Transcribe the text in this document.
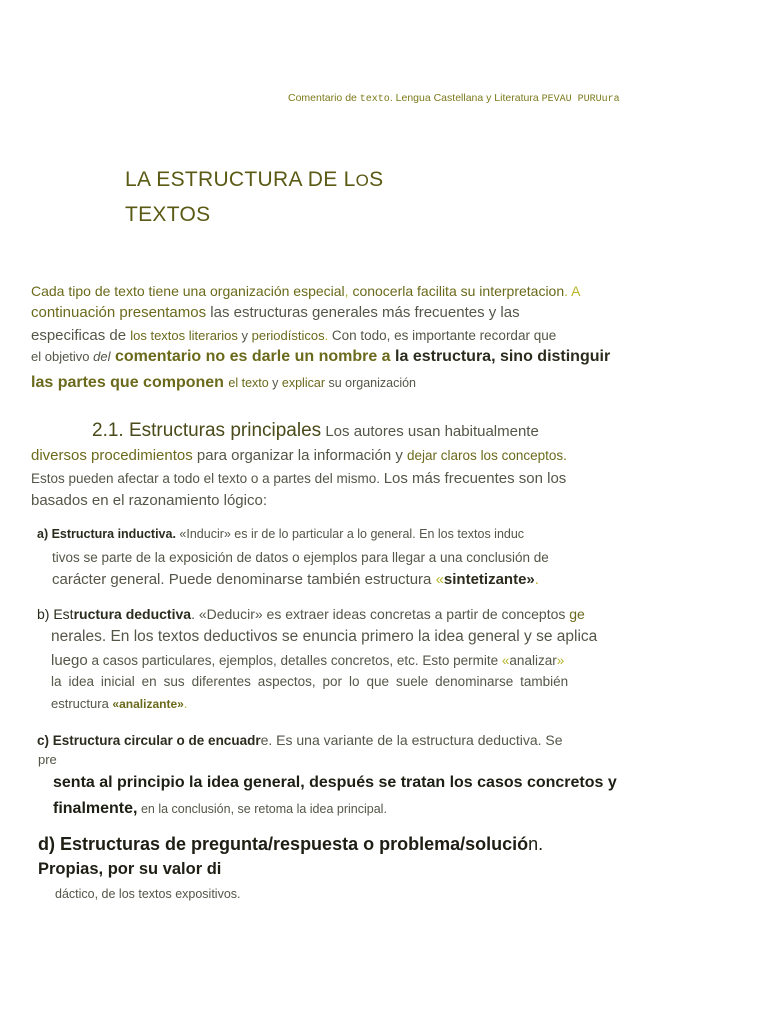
Comentario de texto. Lengua Castellana y Literatura PEVAU PURUura
LA ESTRUCTURA DE LOS
TEXTOS
Cada tipo de texto tiene una organización especial, conocerla facilita su interpretacion. A
continuación presentamos las estructuras generales más frecuentes y las
especificas de los textos literarios y periodísticos. Con todo, es importante recordar que
el objetivo del comentario no es darle un nombre a la estructura, sino distinguir
las partes que componen el texto y explicar su organización
2.1. Estructuras principales Los autores usan habitualmente
diversos procedimientos para organizar la información y dejar claros los conceptos.
Estos pueden afectar a todo el texto o a partes del mismo. Los más frecuentes son los
basados en el razonamiento lógico:
a) Estructura inductiva. «Inducir» es ir de lo particular a lo general. En los textos induc
tivos se parte de la exposición de datos o ejemplos para llegar a una conclusión de
carácter general. Puede denominarse también estructura «sintetizante».
b) Estructura deductiva. «Deducir» es extraer ideas concretas a partir de conceptos ge
nerales. En los textos deductivos se enuncia primero la idea general y se aplica
luego a casos particulares, ejemplos, detalles concretos, etc. Esto permite «analizar»
la idea inicial en sus diferentes aspectos, por lo que suele denominarse también
estructura «analizante».
c) Estructura circular o de encuadre. Es una variante de la estructura deductiva. Se
pre
senta al principio la idea general, después se tratan los casos concretos y
finalmente, en la conclusión, se retoma la idea principal.
d) Estructuras de pregunta/respuesta o problema/solución.
Propias, por su valor di
dáctico, de los textos expositivos.
